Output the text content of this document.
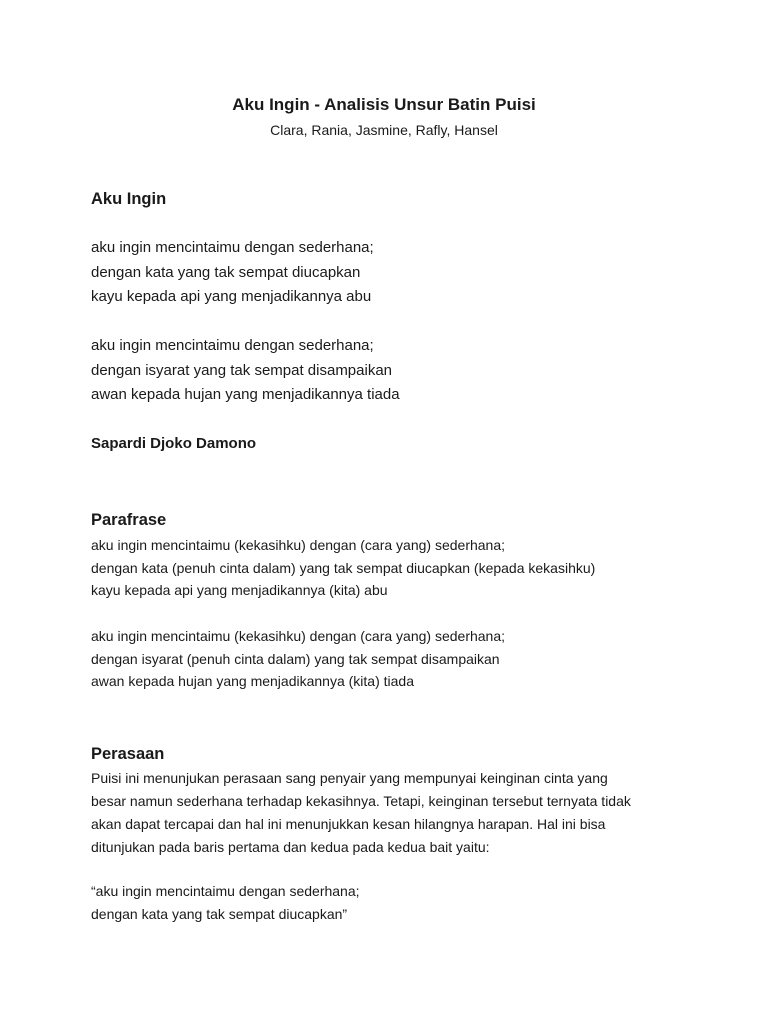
Aku Ingin - Analisis Unsur Batin Puisi
Clara, Rania, Jasmine, Rafly, Hansel

Aku Ingin

aku ingin mencintaimu dengan sederhana;

dengan kata yang tak sempat diucapkan

kayu kepada api yang menjadikannya abu

aku ingin mencintaimu dengan sederhana;

dengan isyarat yang tak sempat disampaikan

awan kepada hujan yang menjadikannya tiada

Sapardi Djoko Damono

Parafrase

aku ingin mencintaimu (kekasihku) dengan (cara yang) sederhana;

dengan kata (penuh cinta dalam) yang tak sempat diucapkan (kepada kekasihku)

kayu kepada api yang menjadikannya (kita) abu

aku ingin mencintaimu (kekasihku) dengan (cara yang) sederhana;

dengan isyarat (penuh cinta dalam) yang tak sempat disampaikan

awan kepada hujan yang menjadikannya (kita) tiada

Perasaan

Puisi ini menunjukan perasaan sang penyair yang mempunyai keinginan cinta yang

besar namun sederhana terhadap kekasihnya. Tetapi, keinginan tersebut ternyata tidak

akan dapat tercapai dan hal ini menunjukkan kesan hilangnya harapan. Hal ini bisa

ditunjukan pada baris pertama dan kedua pada kedua bait yaitu:

“aku ingin mencintaimu dengan sederhana;

dengan kata yang tak sempat diucapkan”
